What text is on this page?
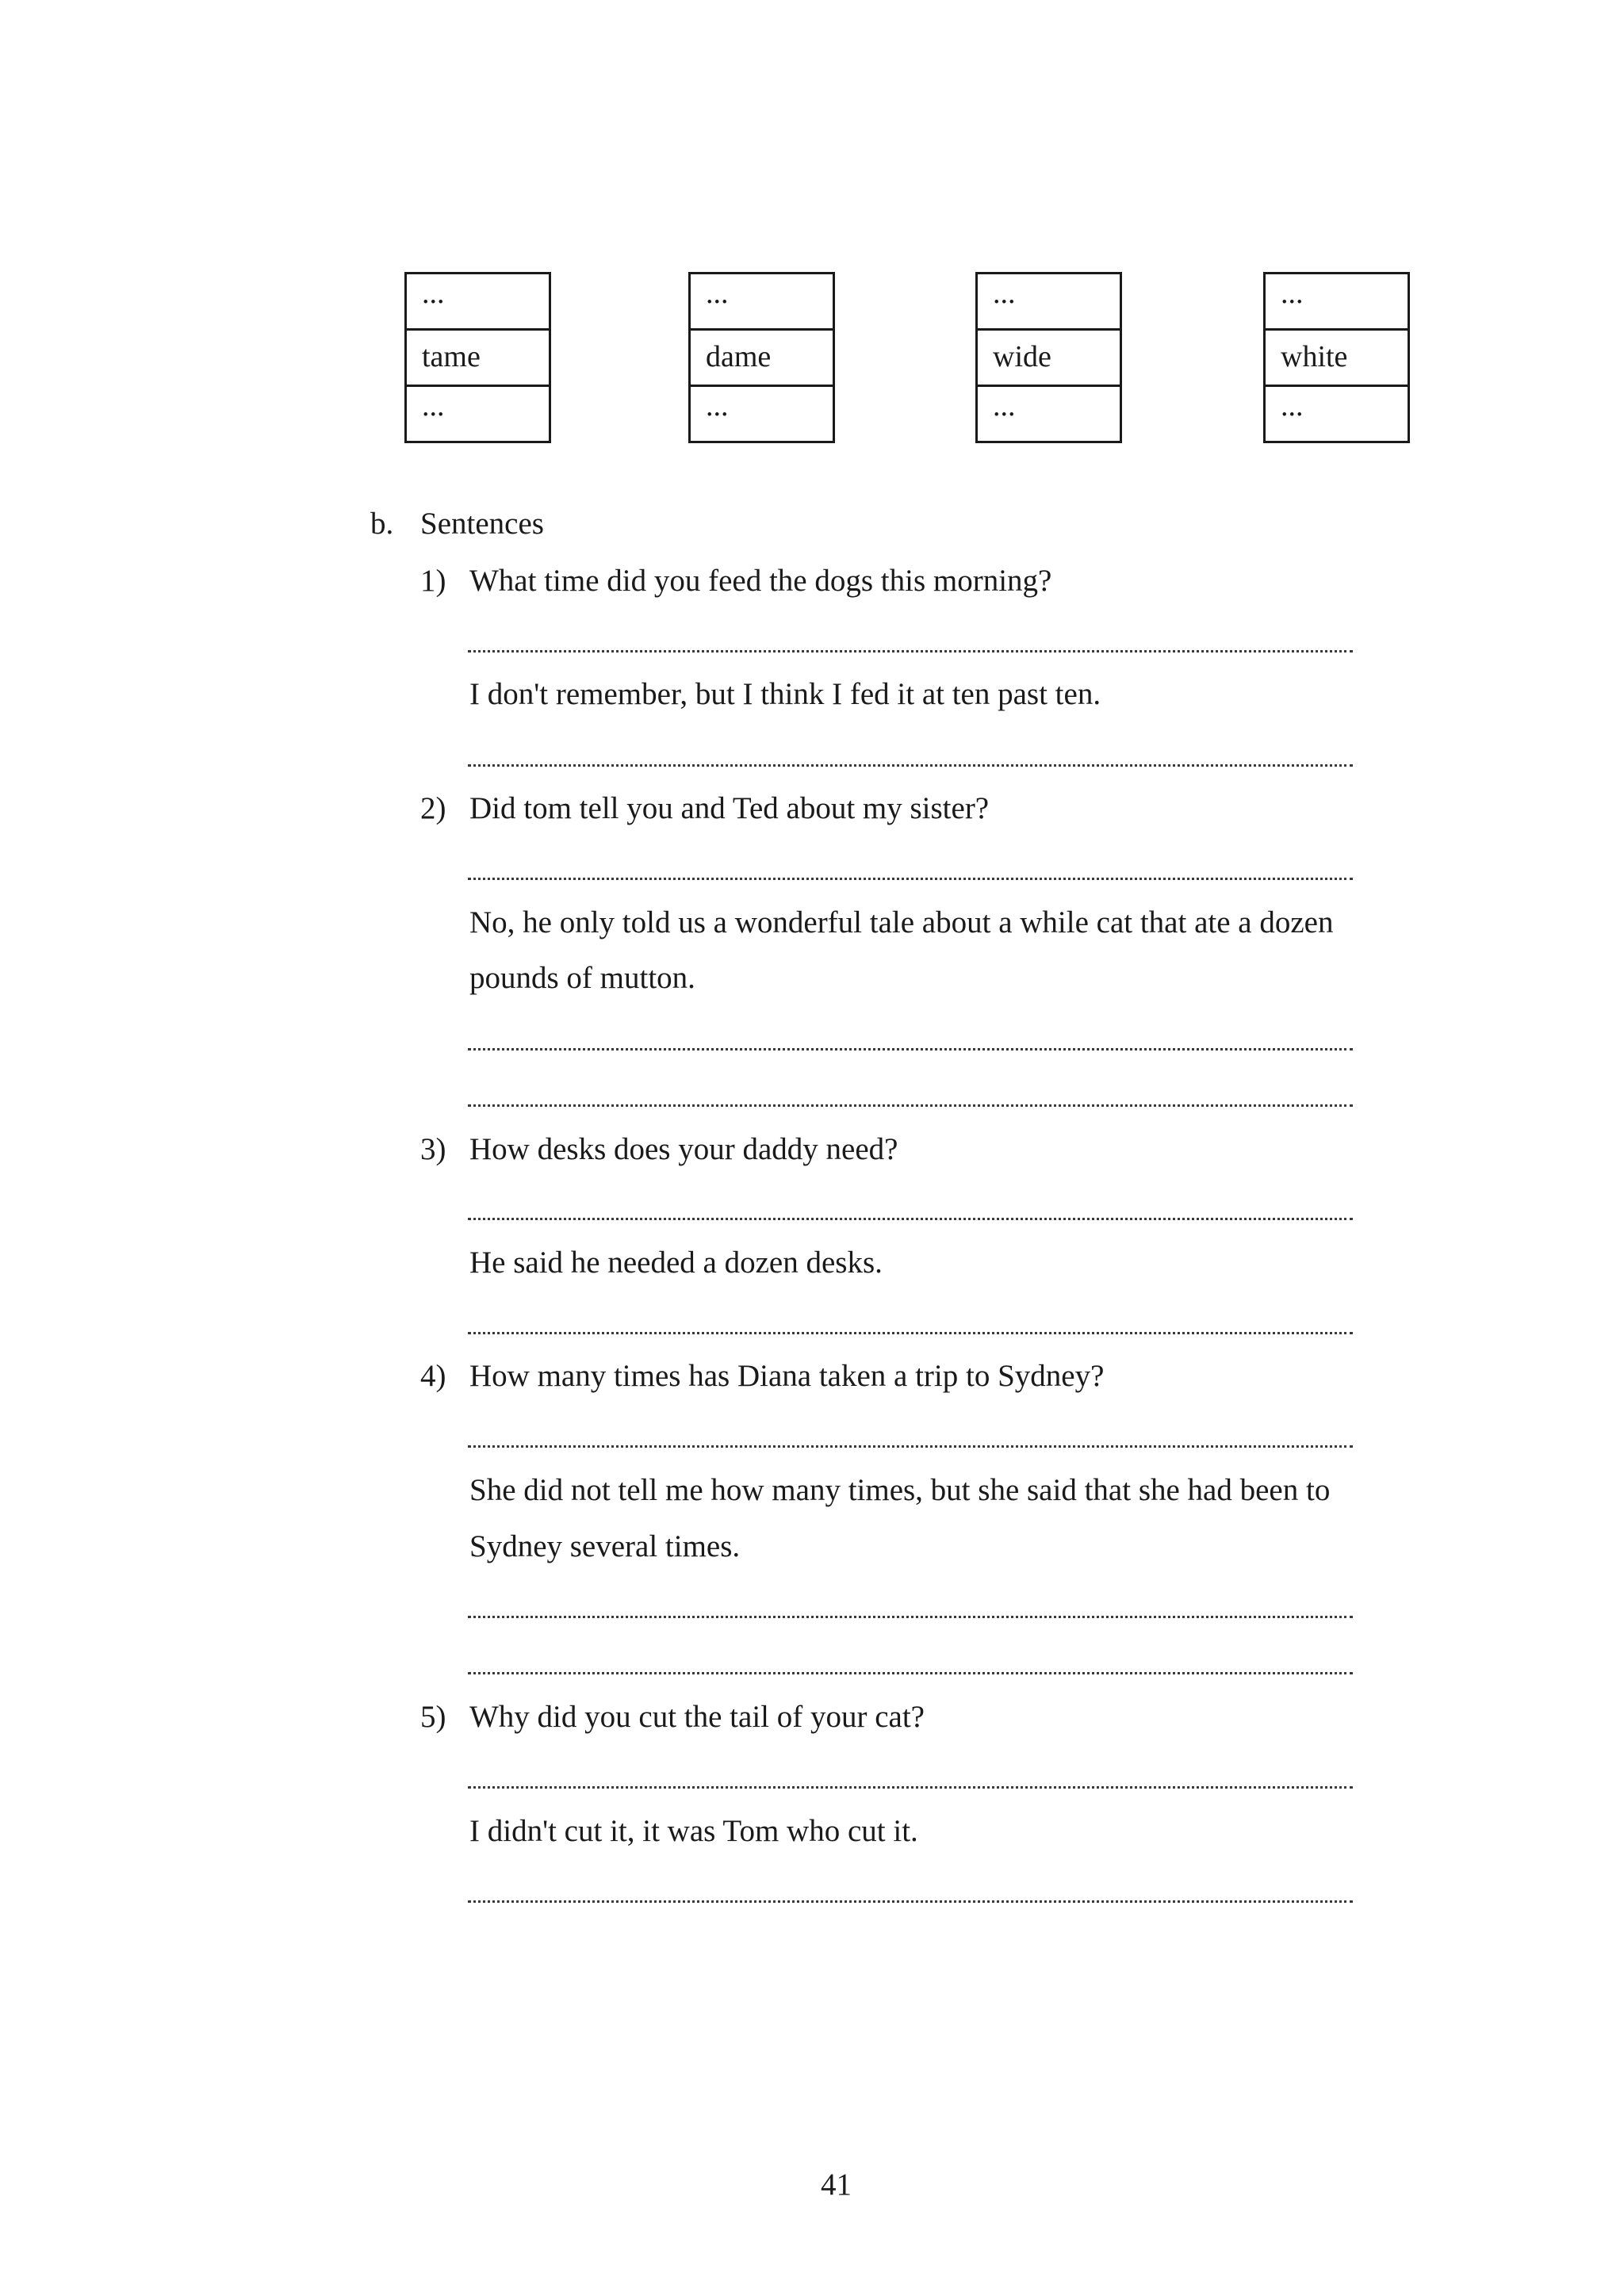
...
tame
...
...
dame
...
...
wide
...
...
white
...
b. Sentences
1) What time did you feed the dogs this morning?
I don't remember, but I think I fed it at ten past ten.
2) Did tom tell you and Ted about my sister?
No, he only told us a wonderful tale about a while cat that ate a dozen
pounds of mutton.
3) How desks does your daddy need?
He said he needed a dozen desks.
4) How many times has Diana taken a trip to Sydney?
She did not tell me how many times, but she said that she had been to
Sydney several times.
5) Why did you cut the tail of your cat?
I didn't cut it, it was Tom who cut it.
41
